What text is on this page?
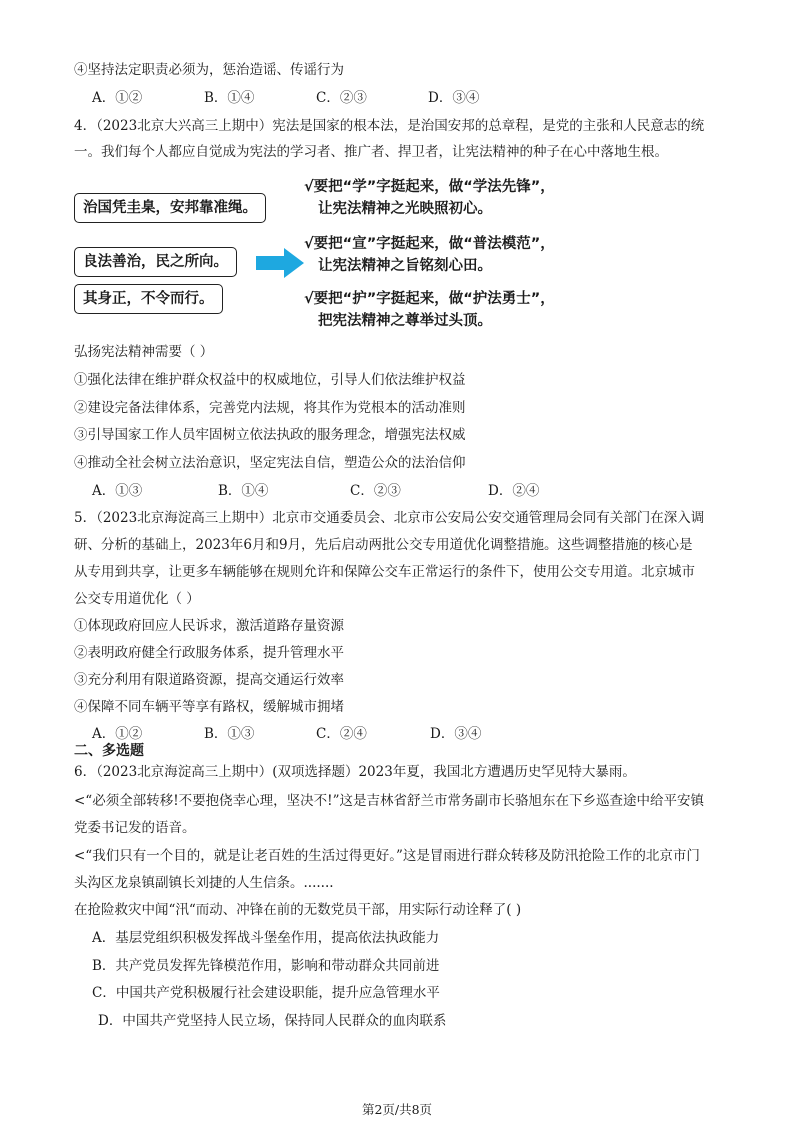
④坚持法定职责必须为，惩治造谣、传谣行为
A．①②	B．①④	C．②③	D．③④
4．（2023北京大兴高三上期中）宪法是国家的根本法，是治国安邦的总章程，是党的主张和人民意志的统
一。我们每个人都应自觉成为宪法的学习者、推广者、捍卫者，让宪法精神的种子在心中落地生根。
治国凭圭臬，安邦靠准绳。
良法善治，民之所向。
其身正，不令而行。
√要把“学”字挺起来，做“学法先锋”，
让宪法精神之光映照初心。
√要把“宣”字挺起来，做“普法模范”，
让宪法精神之旨铭刻心田。
√要把“护”字挺起来，做“护法勇士”，
把宪法精神之尊举过头顶。
弘扬宪法精神需要（ ）
①强化法律在维护群众权益中的权威地位，引导人们依法维护权益
②建设完备法律体系，完善党内法规，将其作为党根本的活动准则
③引导国家工作人员牢固树立依法执政的服务理念，增强宪法权威
④推动全社会树立法治意识，坚定宪法自信，塑造公众的法治信仰
A．①③	B．①④	C．②③	D．②④
5．（2023北京海淀高三上期中）北京市交通委员会、北京市公安局公安交通管理局会同有关部门在深入调
研、分析的基础上，2023年6月和9月，先后启动两批公交专用道优化调整措施。这些调整措施的核心是
从专用到共享，让更多车辆能够在规则允许和保障公交车正常运行的条件下，使用公交专用道。北京城市
公交专用道优化（ ）
①体现政府回应人民诉求，激活道路存量资源
②表明政府健全行政服务体系，提升管理水平
③充分利用有限道路资源，提高交通运行效率
④保障不同车辆平等享有路权，缓解城市拥堵
A．①②	B．①③	C．②④	D．③④
二、多选题
6．（2023北京海淀高三上期中）(双项选择题）2023年夏，我国北方遭遇历史罕见特大暴雨。
<“必须全部转移!不要抱侥幸心理，坚决不!”这是吉林省舒兰市常务副市长骆旭东在下乡巡查途中给平安镇
党委书记发的语音。
<“我们只有一个目的，就是让老百姓的生活过得更好。”这是冒雨进行群众转移及防汛抢险工作的北京市门
头沟区龙泉镇副镇长刘捷的人生信条。.......
在抢险救灾中闻“汛“而动、冲锋在前的无数党员干部，用实际行动诠释了( )
A．基层党组织积极发挥战斗堡垒作用，提高依法执政能力
B．共产党员发挥先锋模范作用，影响和带动群众共同前进
C．中国共产党积极履行社会建设职能，提升应急管理水平
D．中国共产党坚持人民立场，保持同人民群众的血肉联系
第2页/共8页
